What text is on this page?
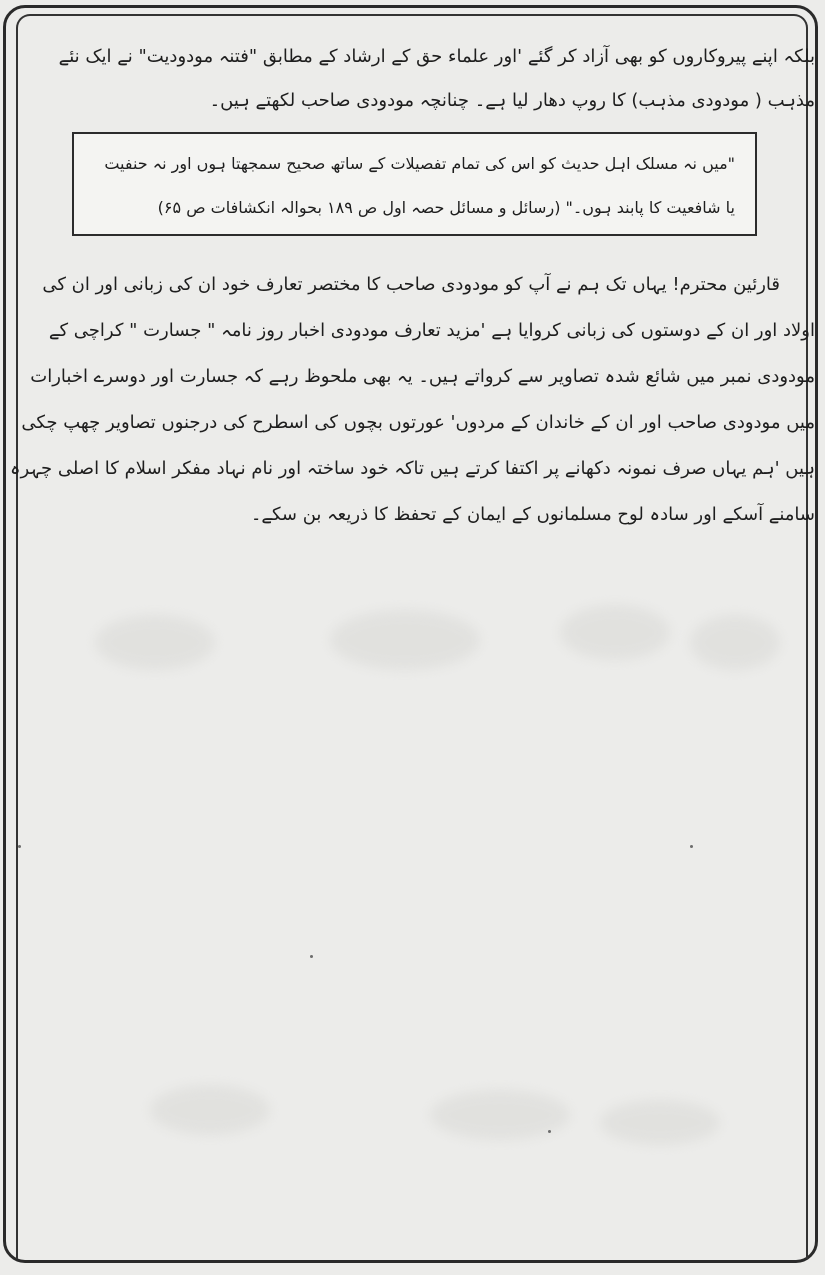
بلکہ اپنے پیروکاروں کو بھی آزاد کر گئے 'اور علماء حق کے ارشاد کے مطابق "فتنہ مودودیت" نے ایک نئے
مذہب ( مودودی مذہب) کا روپ دھار لیا ہے۔ چنانچہ مودودی صاحب لکھتے ہیں۔
"میں نہ مسلک اہل حدیث کو اس کی تمام تفصیلات کے ساتھ صحیح سمجھتا ہوں اور نہ حنفیت
یا شافعیت کا پابند ہوں۔" (رسائل و مسائل حصہ اول ص ۱۸۹ بحوالہ انکشافات ص ۶۵)
قارئین محترم! یہاں تک ہم نے آپ کو مودودی صاحب کا مختصر تعارف خود ان کی زبانی اور ان کی
اولاد اور ان کے دوستوں کی زبانی کروایا ہے 'مزید تعارف مودودی اخبار روز نامہ " جسارت " کراچی کے
مودودی نمبر میں شائع شدہ تصاویر سے کرواتے ہیں۔ یہ بھی ملحوظ رہے کہ جسارت اور دوسرے اخبارات
میں مودودی صاحب اور ان کے خاندان کے مردوں' عورتوں بچوں کی اسطرح کی درجنوں تصاویر چھپ چکی
ہیں 'ہم یہاں صرف نمونہ دکھانے پر اکتفا کرتے ہیں تاکہ خود ساختہ اور نام نہاد مفکر اسلام کا اصلی چہرہ
سامنے آسکے اور سادہ لوح مسلمانوں کے ایمان کے تحفظ کا ذریعہ بن سکے۔
